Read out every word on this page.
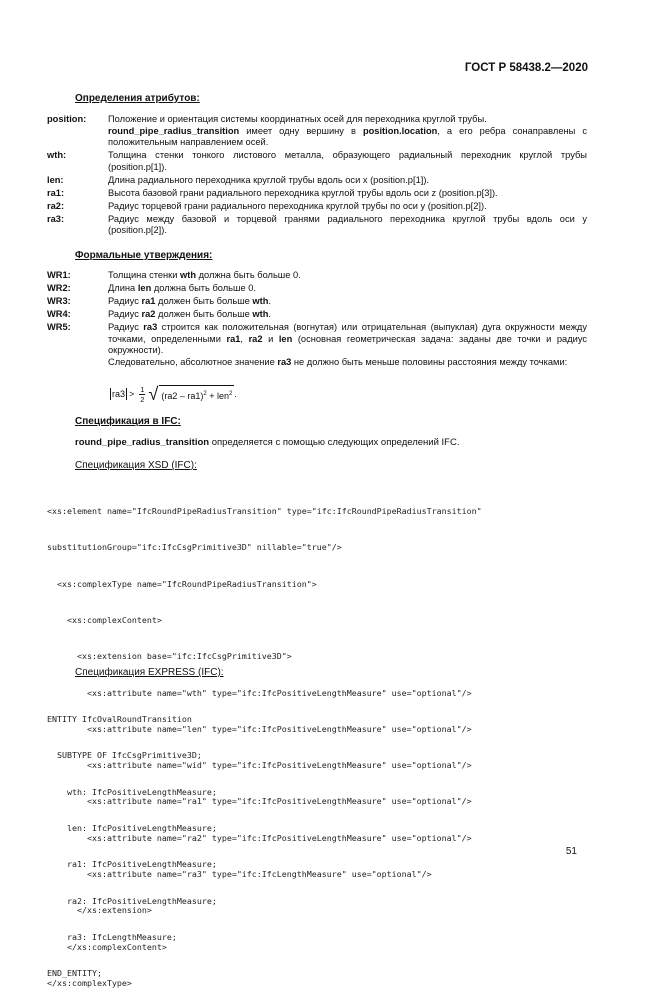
ГОСТ Р 58438.2—2020
Определения атрибутов:
position: Положение и ориентация системы координатных осей для переходника круглой трубы.
round_pipe_radius_transition имеет одну вершину в position.location, а его ребра сонаправлены с положительным направлением осей.
wth:	Толщина стенки тонкого листового металла, образующего радиальный переходник круглой трубы (position.p[1]).
len:	Длина радиального переходника круглой трубы вдоль оси x (position.p[1]).
ra1:	Высота базовой грани радиального переходника круглой трубы вдоль оси z (position.p[3]).
ra2:	Радиус торцевой грани радиального переходника круглой трубы по оси y (position.p[2]).
ra3:	Радиус между базовой и торцевой гранями радиального переходника круглой трубы вдоль оси y (position.p[2]).
Формальные утверждения:
WR1:	Толщина стенки wth должна быть больше 0.
WR2:	Длина len должна быть больше 0.
WR3:	Радиус ra1 должен быть больше wth.
WR4:	Радиус ra2 должен быть больше wth.
WR5:	Радиус ra3 строится как положительная (вогнутая) или отрицательная (выпуклая) дуга окружности между точками, определенными ra1, ra2 и len (основная геометрическая задача: заданы две точки и радиус окружности).
Следовательно, абсолютное значение ra3 не должно быть меньше половины расстояния между точками:
$ra3 > \frac{1}{2}$ √ (ra2 – ra1)$^2$ + len$^2$ .
Спецификация в IFC:
round_pipe_radius_transition определяется с помощью следующих определений IFC.
Спецификация XSD (IFC):

<xs:element name="IfcRoundPipeRadiusTransition" type="ifc:IfcRoundPipeRadiusTransition"

substitutionGroup="ifc:IfcCsgPrimitive3D" nillable="true"/>

<xs:complexType name="IfcRoundPipeRadiusTransition">

<xs:complexContent>

<xs:extension base="ifc:IfcCsgPrimitive3D">

<xs:attribute name="wth" type="ifc:IfcPositiveLengthMeasure" use="optional"/>

<xs:attribute name="len" type="ifc:IfcPositiveLengthMeasure" use="optional"/>

<xs:attribute name="wid" type="ifc:IfcPositiveLengthMeasure" use="optional"/>

<xs:attribute name="ra1" type="ifc:IfcPositiveLengthMeasure" use="optional"/>

<xs:attribute name="ra2" type="ifc:IfcPositiveLengthMeasure" use="optional"/>

<xs:attribute name="ra3" type="ifc:IfcLengthMeasure" use="optional"/>

</xs:extension>

</xs:complexContent>

</xs:complexType>

Спецификация EXPRESS (IFC):

ENTITY IfcOvalRoundTransition

SUBTYPE OF IfcCsgPrimitive3D;

wth: IfcPositiveLengthMeasure;

len: IfcPositiveLengthMeasure;

ra1: IfcPositiveLengthMeasure;

ra2: IfcPositiveLengthMeasure;

ra3: IfcLengthMeasure;

END_ENTITY;

51
